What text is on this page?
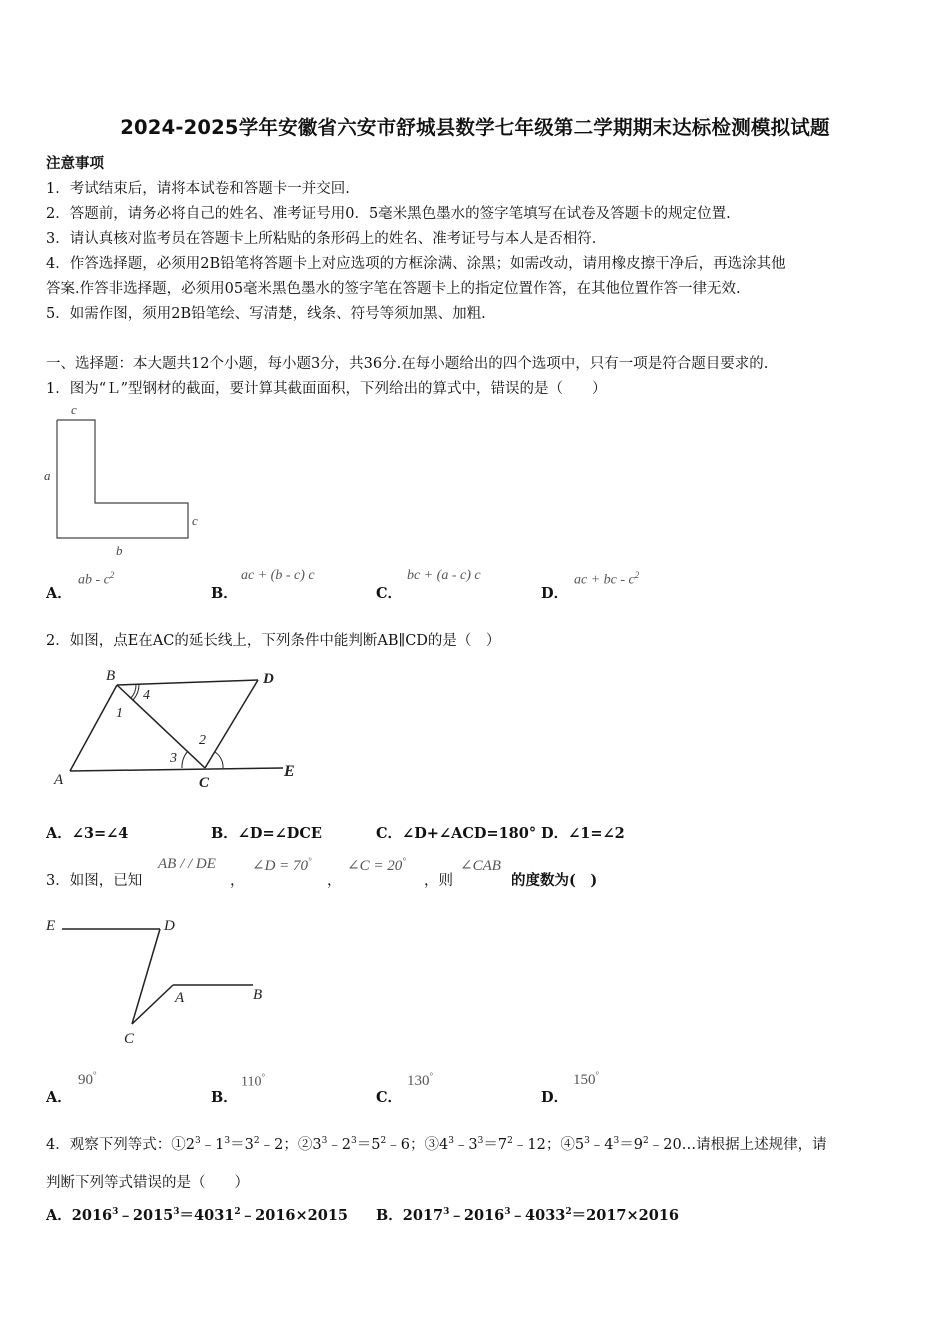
2024-2025学年安徽省六安市舒城县数学七年级第二学期期末达标检测模拟试题
注意事项
1．考试结束后，请将本试卷和答题卡一并交回.
2．答题前，请务必将自己的姓名、准考证号用0．5毫米黑色墨水的签字笔填写在试卷及答题卡的规定位置.
3．请认真核对监考员在答题卡上所粘贴的条形码上的姓名、准考证号与本人是否相符.
4．作答选择题，必须用2B铅笔将答题卡上对应选项的方框涂满、涂黑；如需改动，请用橡皮擦干净后，再选涂其他
答案.作答非选择题，必须用05毫米黑色墨水的签字笔在答题卡上的指定位置作答，在其他位置作答一律无效.
5．如需作图，须用2B铅笔绘、写清楚，线条、符号等须加黑、加粗.
一、选择题：本大题共12个小题，每小题3分，共36分.在每小题给出的四个选项中，只有一项是符合题目要求的.
1．图为“Ｌ”型钢材的截面，要计算其截面面积，下列给出的算式中，错误的是（　　）
c
a
c
b
A．
ab - $c^2$
B．
ac + (b - c) c
C．
bc + (a - c) c
D．
ac + bc - $c^2$
2．如图，点E在AC的延长线上，下列条件中能判断AB∥CD的是（　）
B	D
A	C
E
1
2
3
4
A．∠3=∠4	B．∠D=∠DCE	C．∠D+∠ACD=180° D．∠1=∠2
3．如图，已知
AB / / DE
，
∠D = 70°
，
∠C = 20°
，则
∠CAB
的度数为(　)
E	D
A	B
C
A．
90°
B．
110°
C．
130°
D．
150°
4．观察下列等式：$①2^3﹣1^3=3^2﹣2$；$②3^3﹣2^3=5^2﹣6$；$③4^3﹣3^3=7^2﹣12$；$④5^3﹣4^3=9^2﹣20\dots$请根据上述规律，请
判断下列等式错误的是（　　）
A．$2016^3﹣2015^3=4031^2﹣2016\times 2015$ B．$2017^3﹣2016^3﹣4033^2=2017\times 2016$
